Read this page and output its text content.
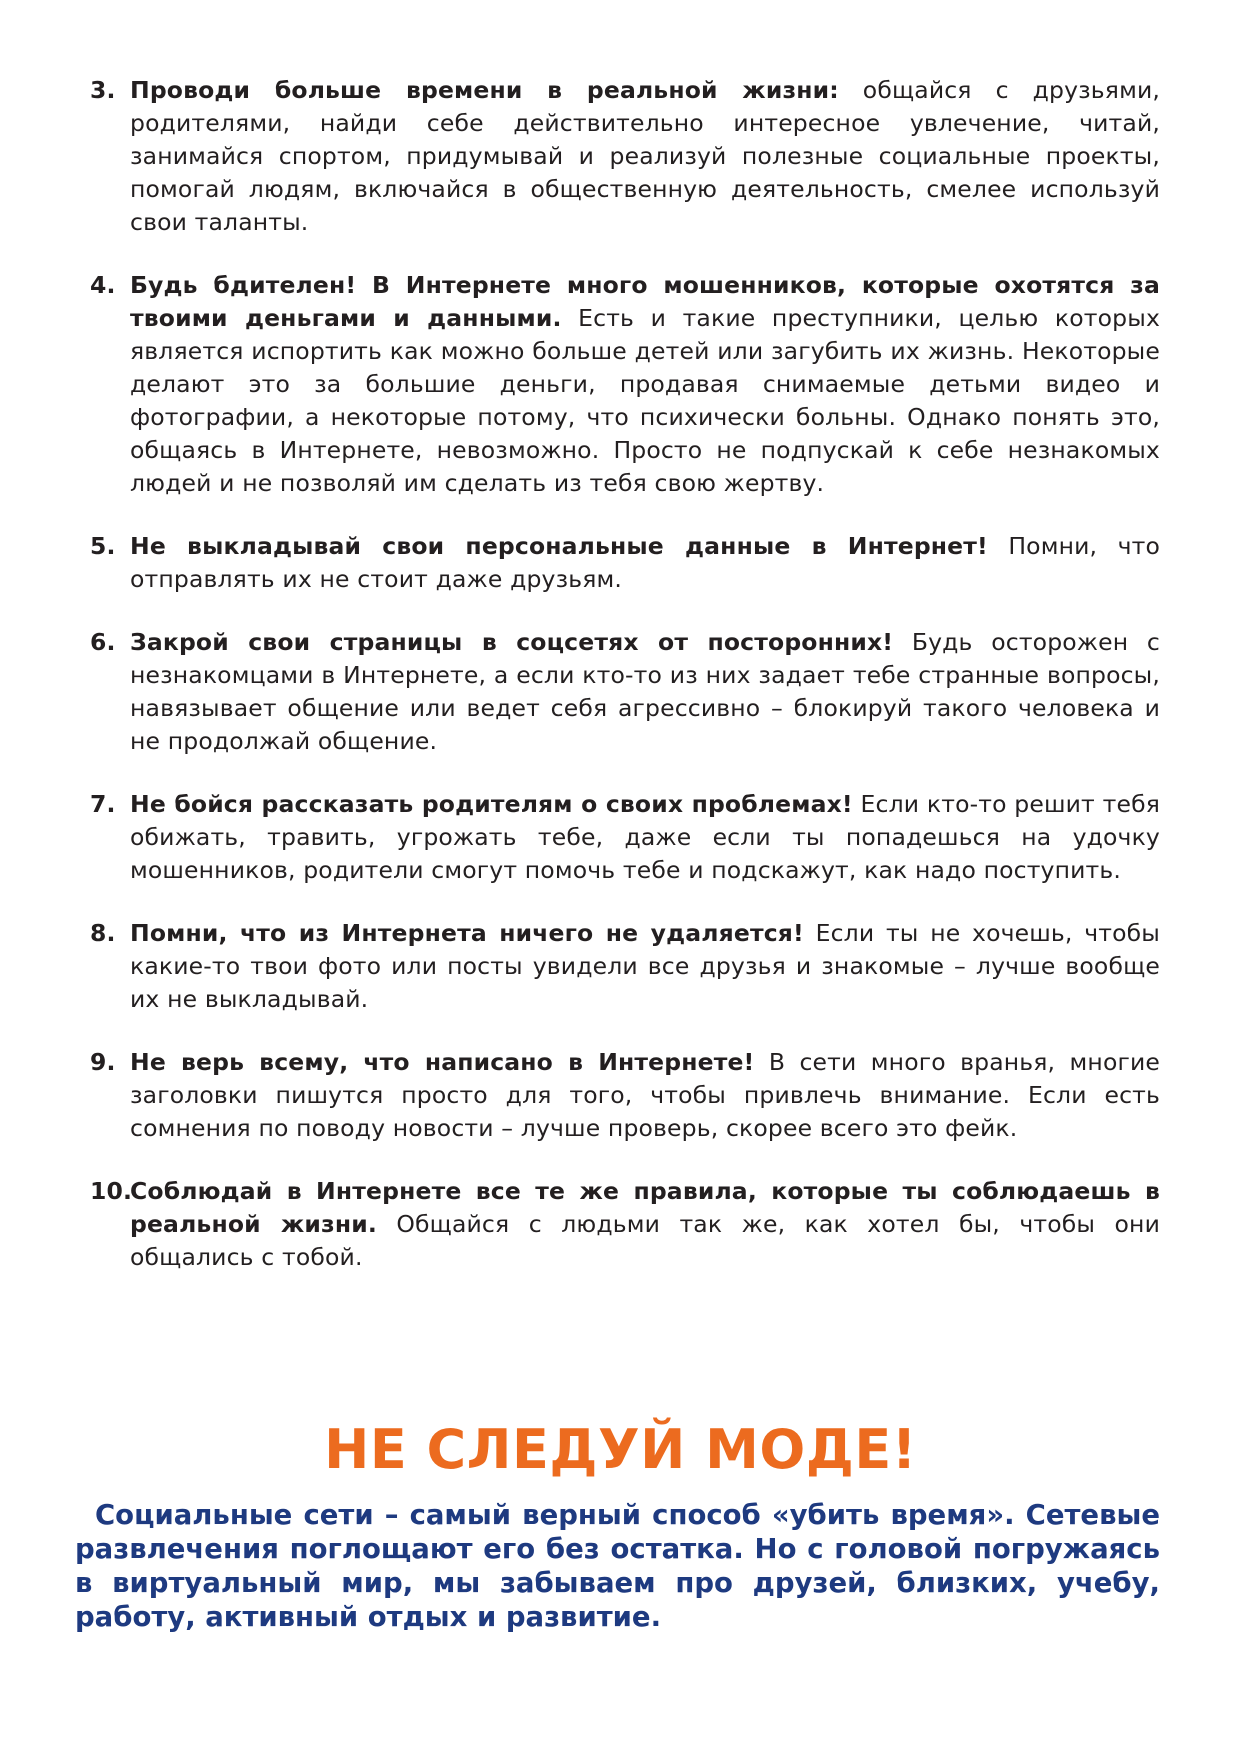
3. Проводи больше времени в реальной жизни: общайся с друзьями, родителями, найди себе действительно интересное увлечение, читай, занимайся спортом, придумывай и реализуй полезные социальные проекты, помогай людям, включайся в общественную деятельность, смелее используй свои таланты.
4. Будь бдителен! В Интернете много мошенников, которые охотятся за твоими деньгами и данными. Есть и такие преступники, целью которых является испортить как можно больше детей или загубить их жизнь. Некоторые делают это за большие деньги, продавая снимаемые детьми видео и фотографии, а некоторые потому, что психически больны. Однако понять это, общаясь в Интернете, невозможно. Просто не подпускай к себе незнакомых людей и не позволяй им сделать из тебя свою жертву.
5. Не выкладывай свои персональные данные в Интернет! Помни, что отправлять их не стоит даже друзьям.
6. Закрой свои страницы в соцсетях от посторонних! Будь осторожен с незнакомцами в Интернете, а если кто-то из них задает тебе странные вопросы, навязывает общение или ведет себя агрессивно – блокируй такого человека и не продолжай общение.
7. Не бойся рассказать родителям о своих проблемах! Если кто-то решит тебя обижать, травить, угрожать тебе, даже если ты попадешься на удочку мошенников, родители смогут помочь тебе и подскажут, как надо поступить.
8. Помни, что из Интернета ничего не удаляется! Если ты не хочешь, чтобы какие-то твои фото или посты увидели все друзья и знакомые – лучше вообще их не выкладывай.
9. Не верь всему, что написано в Интернете! В сети много вранья, многие заголовки пишутся просто для того, чтобы привлечь внимание. Если есть сомнения по поводу новости – лучше проверь, скорее всего это фейк.
10.
Соблюдай в Интернете все те же правила, которые ты соблюдаешь в реальной жизни. Общайся с людьми так же, как хотел бы, чтобы они общались с тобой.
НЕ СЛЕДУЙ МОДЕ!

Социальные сети – самый верный способ «убить время». Сетевые развлечения поглощают его без остатка. Но с головой погружаясь в виртуальный мир, мы забываем про друзей, близких, учебу, работу, активный отдых и развитие.
